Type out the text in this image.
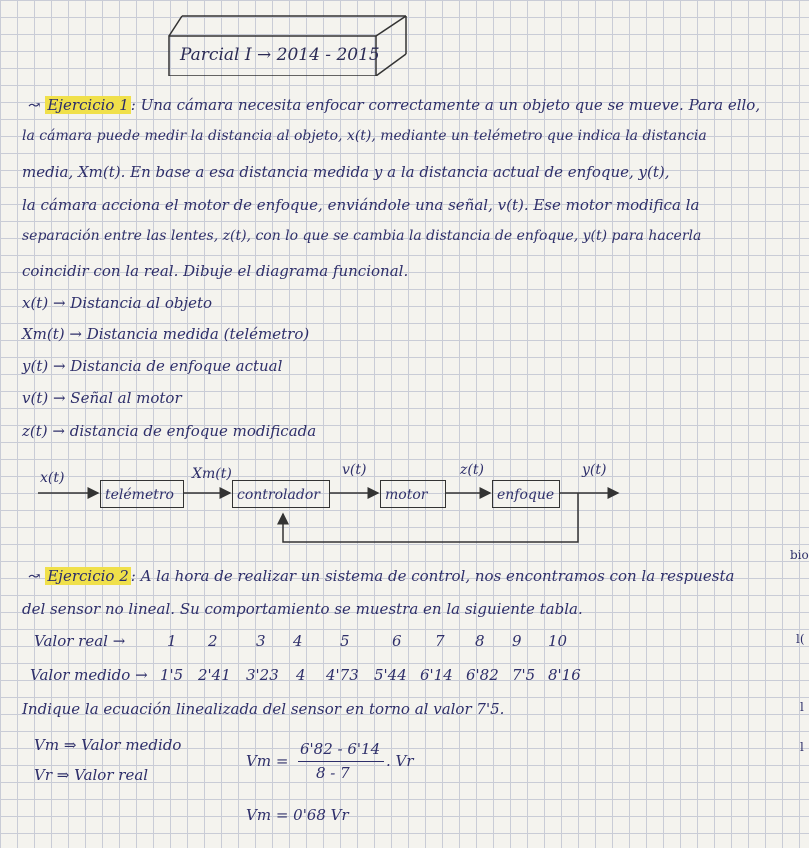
Parcial I → 2014 - 2015
↝ Ejercicio 1 : Una cámara necesita enfocar correctamente a un objeto que se mueve. Para ello,
la cámara puede medir la distancia al objeto, x(t), mediante un telémetro que indica la distancia
media, Xm(t). En base a esa distancia medida y a la distancia actual de enfoque, y(t),
la cámara acciona el motor de enfoque, enviándole una señal, v(t). Ese motor modifica la
separación entre las lentes, z(t), con lo que se cambia la distancia de enfoque, y(t) para hacerla
coincidir con la real. Dibuje el diagrama funcional.
x(t) → Distancia al objeto
Xm(t) → Distancia medida (telémetro)
y(t) → Distancia de enfoque actual
v(t) → Señal al motor
z(t) → distancia de enfoque modificada
x(t)
telémetro
Xm(t)
controlador
v(t)
motor
z(t)
enfoque
y(t)
↝ Ejercicio 2 : A la hora de realizar un sistema de control, nos encontramos con la respuesta
del sensor no lineal. Su comportamiento se muestra en la siguiente tabla.
Valor real →	1 2	3 4 5	6 7 8 9 10
Valor medido → 1'5 2'41 3'23 4 4'73 5'44 6'14 6'82 7'5 8'16
Indique la ecuación linealizada del sensor en torno al valor 7'5.
Vm ⇒ Valor medido
Vr ⇒ Valor real
Vm =
6'82 - 6'14
8 - 7
. Vr
Vm = 0'68 Vr
bio
l(
l
l
